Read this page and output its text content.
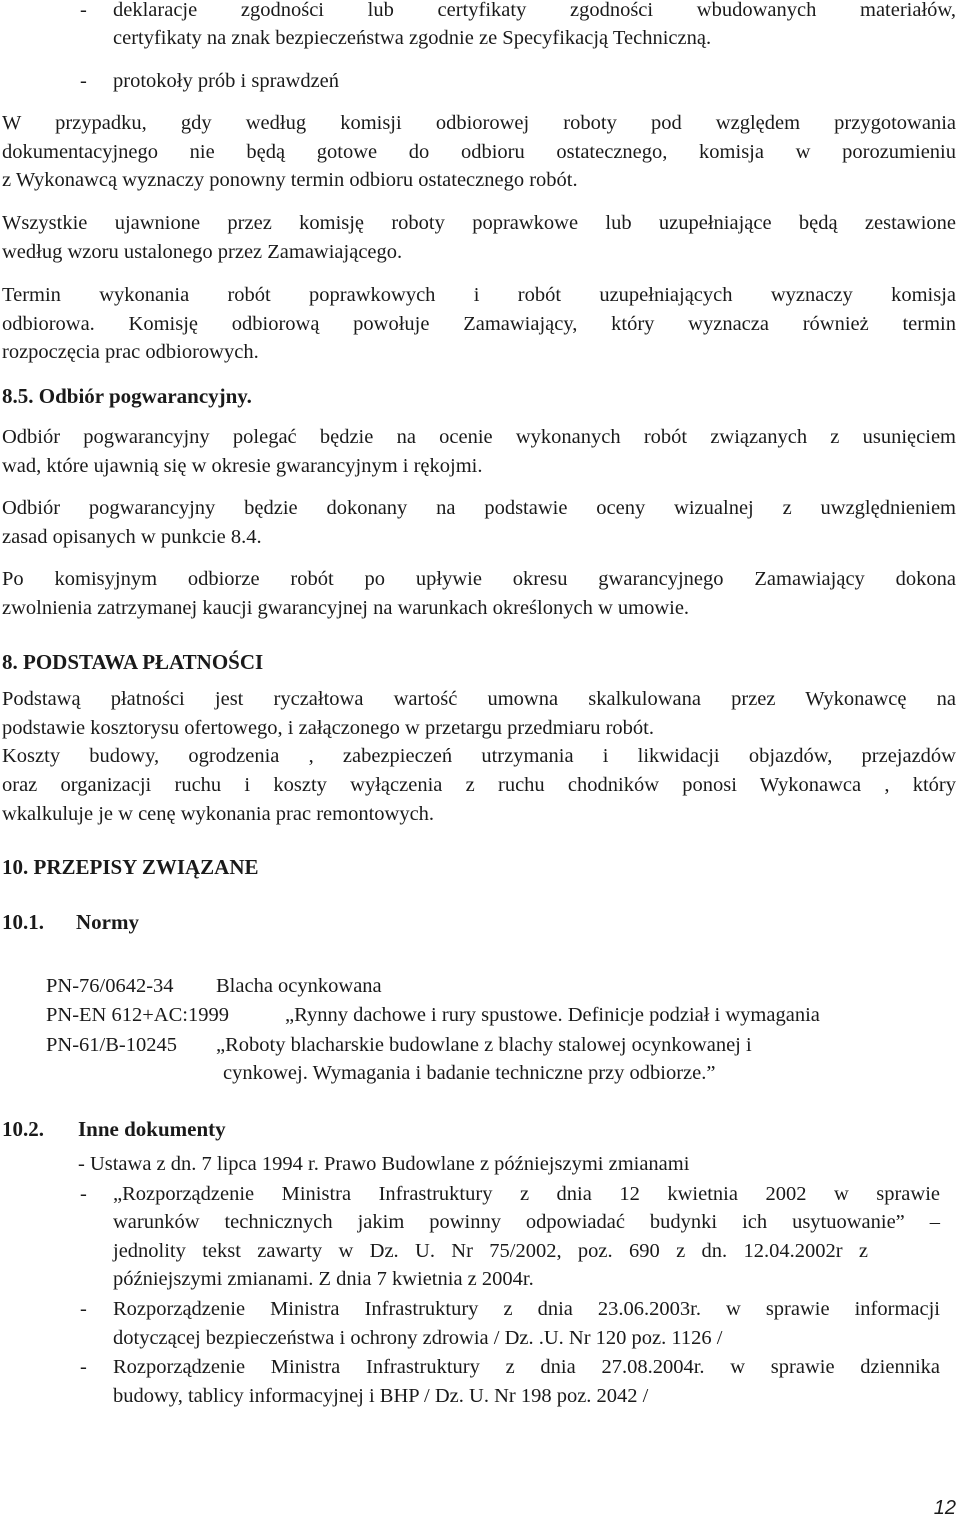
- deklaracje zgodności lub certyfikaty zgodności wbudowanych materiałów,
certyfikaty na znak bezpieczeństwa zgodnie ze Specyfikacją Techniczną.
- protokoły prób i sprawdzeń
W przypadku, gdy według komisji odbiorowej roboty pod względem przygotowania
dokumentacyjnego nie będą gotowe do odbioru ostatecznego, komisja w porozumieniu
z Wykonawcą wyznaczy ponowny termin odbioru ostatecznego robót.
Wszystkie ujawnione przez komisję roboty poprawkowe lub uzupełniające będą zestawione
według wzoru ustalonego przez Zamawiającego.
Termin wykonania robót poprawkowych i robót uzupełniających wyznaczy komisja
odbiorowa. Komisję odbiorową powołuje Zamawiający, który wyznacza również termin
rozpoczęcia prac odbiorowych.
8.5. Odbiór pogwarancyjny.
Odbiór pogwarancyjny polegać będzie na ocenie wykonanych robót związanych z usunięciem
wad, które ujawnią się w okresie gwarancyjnym i rękojmi.
Odbiór pogwarancyjny będzie dokonany na podstawie oceny wizualnej z uwzględnieniem
zasad opisanych w punkcie 8.4.
Po komisyjnym odbiorze robót po upływie okresu gwarancyjnego Zamawiający dokona
zwolnienia zatrzymanej kaucji gwarancyjnej na warunkach określonych w umowie.
8. PODSTAWA PŁATNOŚCI
Podstawą płatności jest ryczałtowa wartość umowna skalkulowana przez Wykonawcę na
podstawie kosztorysu ofertowego, i załączonego w przetargu przedmiaru robót.
Koszty budowy, ogrodzenia , zabezpieczeń utrzymania i likwidacji objazdów, przejazdów
oraz organizacji ruchu i koszty wyłączenia z ruchu chodników ponosi Wykonawca , który
wkalkuluje je w cenę wykonania prac remontowych.
10. PRZEPISY ZWIĄZANE
10.1. Normy
PN-76/0642-34	Blacha ocynkowana
PN-EN 612+AC:1999	„Rynny dachowe i rury spustowe. Definicje podział i wymagania
PN-61/B-10245	„Roboty blacharskie budowlane z blachy stalowej ocynkowanej i
cynkowej. Wymagania i badanie techniczne przy odbiorze.”
10.2. Inne dokumenty
- Ustawa z dn. 7 lipca 1994 r. Prawo Budowlane z późniejszymi zmianami
- „Rozporządzenie Ministra Infrastruktury z dnia 12 kwietnia 2002 w sprawie
warunków technicznych jakim powinny odpowiadać budynki ich usytuowanie” –
jednolity tekst zawarty w Dz. U. Nr 75/2002, poz. 690 z dn. 12.04.2002r z
późniejszymi zmianami. Z dnia 7 kwietnia z 2004r.
- Rozporządzenie Ministra Infrastruktury z dnia 23.06.2003r. w sprawie informacji
dotyczącej bezpieczeństwa i ochrony zdrowia / Dz. .U. Nr 120 poz. 1126 /
- Rozporządzenie Ministra Infrastruktury z dnia 27.08.2004r. w sprawie dziennika
budowy, tablicy informacyjnej i BHP / Dz. U. Nr 198 poz. 2042 /
12
